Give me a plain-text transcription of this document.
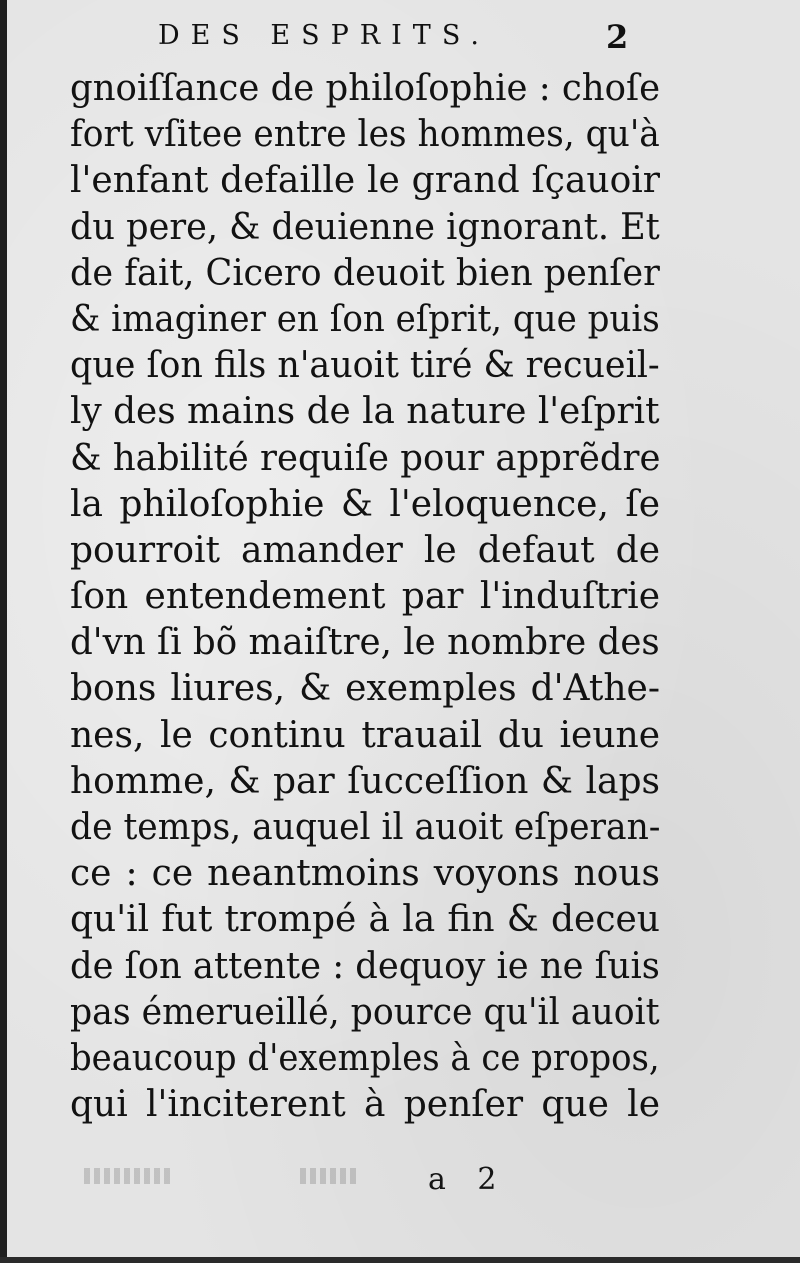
DES ESPRITS.	2
gnoiſſance de philoſophie : choſe
fort vſitee entre les hommes, qu'à
l'enfant defaille le grand ſçauoir
du pere, & deuienne ignorant. Et
de fait, Cicero deuoit bien penſer
& imaginer en ſon eſprit, que puis
que ſon fils n'auoit tiré & recueil-
ly des mains de la nature l'eſprit
& habilité requiſe pour apprẽdre
la philoſophie & l'eloquence, ſe
pourroit amander le defaut de
ſon entendement par l'induſtrie
d'vn ſi bõ maiſtre, le nombre des
bons liures, & exemples d'Athe-
nes, le continu trauail du ieune
homme, & par ſucceſſion & laps
de temps, auquel il auoit eſperan-
ce : ce neantmoins voyons nous
qu'il fut trompé à la fin & deceu
de ſon attente : dequoy ie ne ſuis
pas émerueillé, pource qu'il auoit
beaucoup d'exemples à ce propos,
qui l'inciterent à penſer que le
a 2
